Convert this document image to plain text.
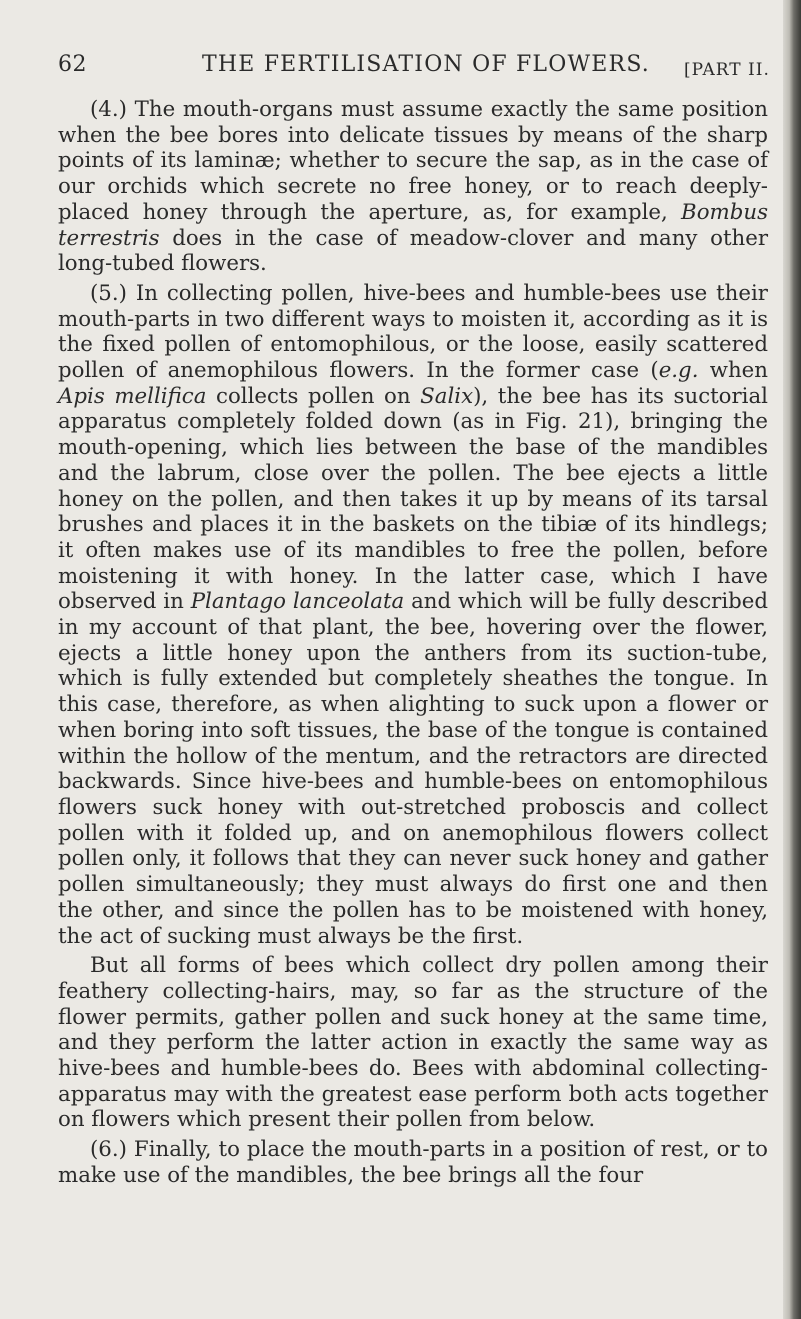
62	THE FERTILISATION OF FLOWERS. [PART II.

(4.) The mouth-organs must assume exactly the same position when the bee bores into delicate tissues by means of the sharp points of its laminæ; whether to secure the sap, as in the case of our orchids which secrete no free honey, or to reach deeply-placed honey through the aperture, as, for example, Bombus terrestris does in the case of meadow-clover and many other long-tubed flowers.

(5.) In collecting pollen, hive-bees and humble-bees use their mouth-parts in two different ways to moisten it, according as it is the fixed pollen of entomophilous, or the loose, easily scattered pollen of anemophilous flowers. In the former case (e.g. when Apis mellifica collects pollen on Salix), the bee has its suctorial apparatus completely folded down (as in Fig. 21), bringing the mouth-opening, which lies between the base of the mandibles and the labrum, close over the pollen. The bee ejects a little honey on the pollen, and then takes it up by means of its tarsal brushes and places it in the baskets on the tibiæ of its hindlegs; it often makes use of its mandibles to free the pollen, before moistening it with honey. In the latter case, which I have observed in Plantago lanceolata and which will be fully described in my account of that plant, the bee, hovering over the flower, ejects a little honey upon the anthers from its suction-tube, which is fully extended but completely sheathes the tongue. In this case, therefore, as when alighting to suck upon a flower or when boring into soft tissues, the base of the tongue is contained within the hollow of the mentum, and the retractors are directed backwards. Since hive-bees and humble-bees on entomophilous flowers suck honey with out-stretched proboscis and collect pollen with it folded up, and on anemophilous flowers collect pollen only, it follows that they can never suck honey and gather pollen simultaneously; they must always do first one and then the other, and since the pollen has to be moistened with honey, the act of sucking must always be the first.

But all forms of bees which collect dry pollen among their feathery collecting-hairs, may, so far as the structure of the flower permits, gather pollen and suck honey at the same time, and they perform the latter action in exactly the same way as hive-bees and humble-bees do. Bees with abdominal collecting-apparatus may with the greatest ease perform both acts together on flowers which present their pollen from below.

(6.) Finally, to place the mouth-parts in a position of rest, or to make use of the mandibles, the bee brings all the four
